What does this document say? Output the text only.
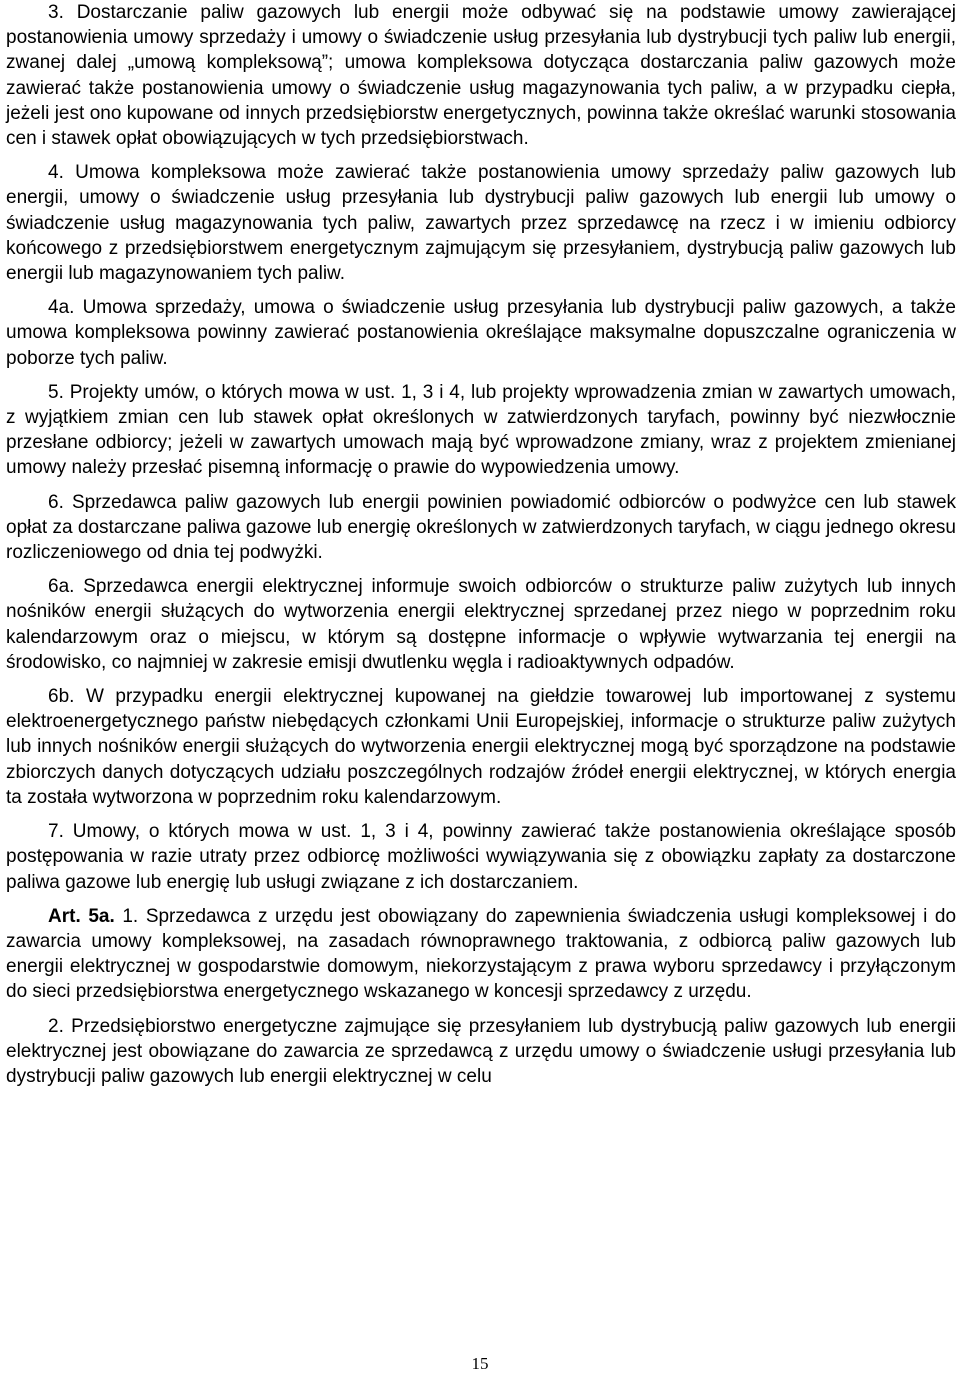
3. Dostarczanie paliw gazowych lub energii może odbywać się na podstawie umowy zawierającej postanowienia umowy sprzedaży i umowy o świadczenie usług przesyłania lub dystrybucji tych paliw lub energii, zwanej dalej „umową kompleksową”; umowa kompleksowa dotycząca dostarczania paliw gazowych może zawierać także postanowienia umowy o świadczenie usług magazynowania tych paliw, a w przypadku ciepła, jeżeli jest ono kupowane od innych przedsiębiorstw energetycznych, powinna także określać warunki stosowania cen i stawek opłat obowiązujących w tych przedsiębiorstwach.

4. Umowa kompleksowa może zawierać także postanowienia umowy sprzedaży paliw gazowych lub energii, umowy o świadczenie usług przesyłania lub dystrybucji paliw gazowych lub energii lub umowy o świadczenie usług magazynowania tych paliw, zawartych przez sprzedawcę na rzecz i w imieniu odbiorcy końcowego z przedsiębiorstwem energetycznym zajmującym się przesyłaniem, dystrybucją paliw gazowych lub energii lub magazynowaniem tych paliw.

4a. Umowa sprzedaży, umowa o świadczenie usług przesyłania lub dystrybucji paliw gazowych, a także umowa kompleksowa powinny zawierać postanowienia określające maksymalne dopuszczalne ograniczenia w poborze tych paliw.

5. Projekty umów, o których mowa w ust. 1, 3 i 4, lub projekty wprowadzenia zmian w zawartych umowach, z wyjątkiem zmian cen lub stawek opłat określonych w zatwierdzonych taryfach, powinny być niezwłocznie przesłane odbiorcy; jeżeli w zawartych umowach mają być wprowadzone zmiany, wraz z projektem zmienianej umowy należy przesłać pisemną informację o prawie do wypowiedzenia umowy.

6. Sprzedawca paliw gazowych lub energii powinien powiadomić odbiorców o podwyżce cen lub stawek opłat za dostarczane paliwa gazowe lub energię określonych w zatwierdzonych taryfach, w ciągu jednego okresu rozliczeniowego od dnia tej podwyżki.

6a. Sprzedawca energii elektrycznej informuje swoich odbiorców o strukturze paliw zużytych lub innych nośników energii służących do wytworzenia energii elektrycznej sprzedanej przez niego w poprzednim roku kalendarzowym oraz o miejscu, w którym są dostępne informacje o wpływie wytwarzania tej energii na środowisko, co najmniej w zakresie emisji dwutlenku węgla i radioaktywnych odpadów.

6b. W przypadku energii elektrycznej kupowanej na giełdzie towarowej lub importowanej z systemu elektroenergetycznego państw niebędących członkami Unii Europejskiej, informacje o strukturze paliw zużytych lub innych nośników energii służących do wytworzenia energii elektrycznej mogą być sporządzone na podstawie zbiorczych danych dotyczących udziału poszczególnych rodzajów źródeł energii elektrycznej, w których energia ta została wytworzona w poprzednim roku kalendarzowym.

7. Umowy, o których mowa w ust. 1, 3 i 4, powinny zawierać także postanowienia określające sposób postępowania w razie utraty przez odbiorcę możliwości wywiązywania się z obowiązku zapłaty za dostarczone paliwa gazowe lub energię lub usługi związane z ich dostarczaniem.

Art. 5a. 1. Sprzedawca z urzędu jest obowiązany do zapewnienia świadczenia usługi kompleksowej i do zawarcia umowy kompleksowej, na zasadach równoprawnego traktowania, z odbiorcą paliw gazowych lub energii elektrycznej w gospodarstwie domowym, niekorzystającym z prawa wyboru sprzedawcy i przyłączonym do sieci przedsiębiorstwa energetycznego wskazanego w koncesji sprzedawcy z urzędu.

2. Przedsiębiorstwo energetyczne zajmujące się przesyłaniem lub dystrybucją paliw gazowych lub energii elektrycznej jest obowiązane do zawarcia ze sprzedawcą z urzędu umowy o świadczenie usługi przesyłania lub dystrybucji paliw gazowych lub energii elektrycznej w celu

15
